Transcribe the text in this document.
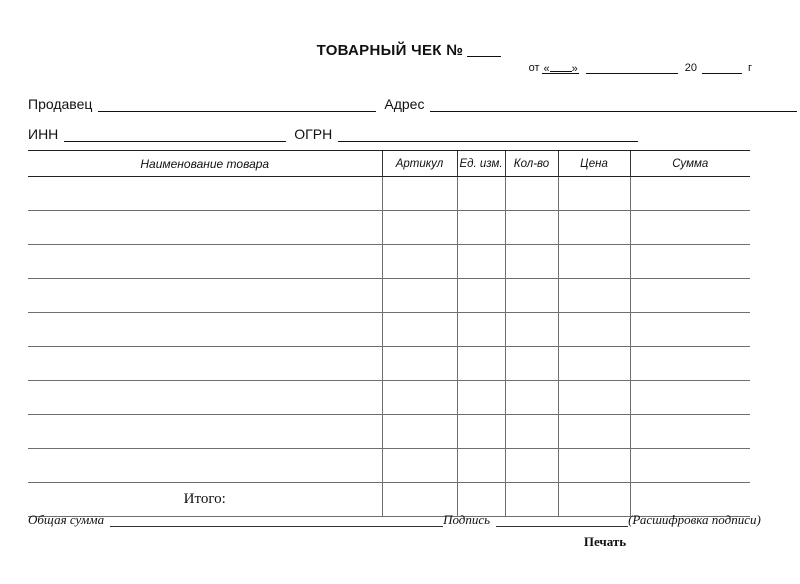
ТОВАРНЫЙ ЧЕК №

от « »	20	г
Продавец	Адрес
ИНН	ОГРН
Наименование товара	Артикул	Ед. изм.	Кол-во	Цена	Сумма

Итого:					

Общая сумма	Подпись	(Расшифровка подписи)
Печать
